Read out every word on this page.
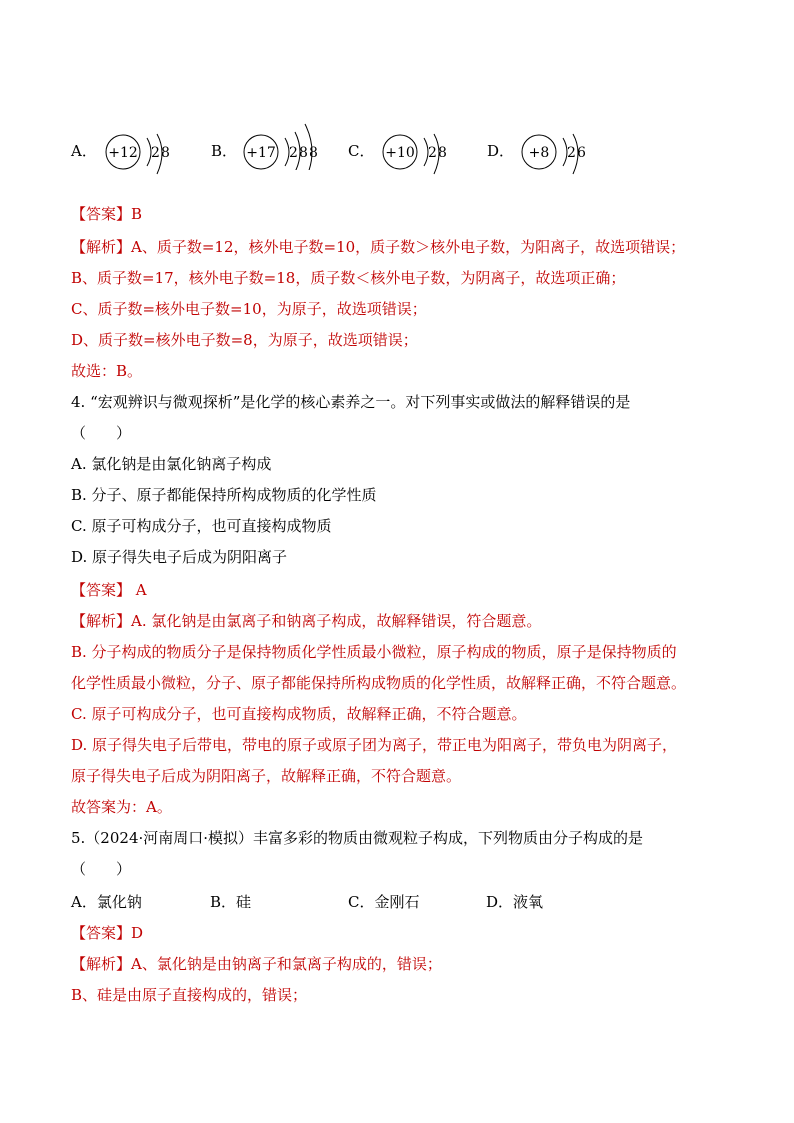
A． +12 2 8	B． +17 2 8 8 C． +10 2 8	D． +8 2 6
【答案】B
【解析】A、质子数=12，核外电子数=10，质子数＞核外电子数，为阳离子，故选项错误；
B、质子数=17，核外电子数=18，质子数＜核外电子数，为阴离子，故选项正确；
C、质子数=核外电子数=10，为原子，故选项错误；
D、质子数=核外电子数=8，为原子，故选项错误；
故选：B。
4. “宏观辨识与微观探析”是化学的核心素养之一。对下列事实或做法的解释错误的是
（　　）
A. 氯化钠是由氯化钠离子构成
B. 分子、原子都能保持所构成物质的化学性质
C. 原子可构成分子，也可直接构成物质
D. 原子得失电子后成为阴阳离子
【答案】 A
【解析】A. 氯化钠是由氯离子和钠离子构成，故解释错误，符合题意。
B. 分子构成的物质分子是保持物质化学性质最小微粒，原子构成的物质，原子是保持物质的
化学性质最小微粒，分子、原子都能保持所构成物质的化学性质，故解释正确，不符合题意。
C. 原子可构成分子，也可直接构成物质，故解释正确，不符合题意。
D. 原子得失电子后带电，带电的原子或原子团为离子，带正电为阳离子，带负电为阴离子，
原子得失电子后成为阴阳离子，故解释正确，不符合题意。
故答案为：A。
5.（2024·河南周口·模拟）丰富多彩的物质由微观粒子构成，下列物质由分子构成的是
（　　）
A．氯化钠	B．硅	C．金刚石	D．液氧
【答案】D
【解析】A、氯化钠是由钠离子和氯离子构成的，错误；
B、硅是由原子直接构成的，错误；
